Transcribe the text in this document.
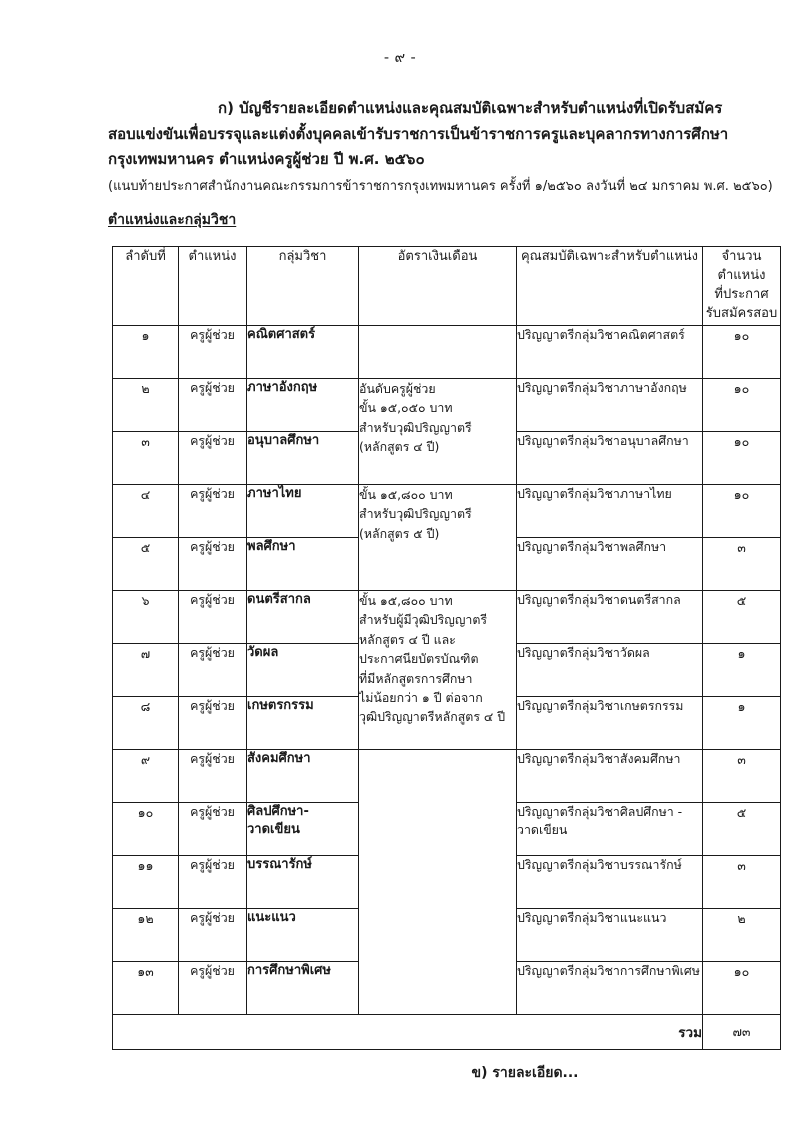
- ๙ -
ก) บัญชีรายละเอียดตำแหน่งและคุณสมบัติเฉพาะสำหรับตำแหน่งที่เปิดรับสมัคร
สอบแข่งขันเพื่อบรรจุและแต่งตั้งบุคคลเข้ารับราชการเป็นข้าราชการครูและบุคลากรทางการศึกษา
กรุงเทพมหานคร ตำแหน่งครูผู้ช่วย ปี พ.ศ. ๒๕๖๐
(แนบท้ายประกาศสำนักงานคณะกรรมการข้าราชการกรุงเทพมหานคร ครั้งที่ ๑/๒๕๖๐ ลงวันที่ ๒๔ มกราคม พ.ศ. ๒๕๖๐)
ตำแหน่งและกลุ่มวิชา
ลำดับที่	ตำแหน่ง	กลุ่มวิชา	อัตราเงินเดือน	คุณสมบัติเฉพาะสำหรับตำแหน่ง	จำนวนตำแหน่ง
ที่ประกาศ
รับสมัครสอบ

๑	ครูผู้ช่วย	คณิตศาสตร์		ปริญญาตรีกลุ่มวิชาคณิตศาสตร์	๑๐
๒	ครูผู้ช่วย	ภาษาอังกฤษ	อันดับครูผู้ช่วย
ขั้น ๑๕,๐๕๐ บาท
สำหรับวุฒิปริญญาตรี
(หลักสูตร ๔ ปี)	ปริญญาตรีกลุ่มวิชาภาษาอังกฤษ	๑๐
๓	ครูผู้ช่วย	อนุบาลศึกษา		ปริญญาตรีกลุ่มวิชาอนุบาลศึกษา	๑๐
๔	ครูผู้ช่วย	ภาษาไทย	ขั้น ๑๕,๘๐๐ บาท
สำหรับวุฒิปริญญาตรี
(หลักสูตร ๕ ปี)	ปริญญาตรีกลุ่มวิชาภาษาไทย	๑๐
๕	ครูผู้ช่วย	พลศึกษา		ปริญญาตรีกลุ่มวิชาพลศึกษา	๓
๖	ครูผู้ช่วย	ดนตรีสากล	ขั้น ๑๕,๘๐๐ บาท
สำหรับผู้มีวุฒิปริญญาตรี
หลักสูตร ๔ ปี และ
ประกาศนียบัตรบัณฑิต
ที่มีหลักสูตรการศึกษา
ไม่น้อยกว่า ๑ ปี ต่อจาก
วุฒิปริญญาตรีหลักสูตร ๔ ปี
	ปริญญาตรีกลุ่มวิชาดนตรีสากล	๕
๗	ครูผู้ช่วย	วัดผล		ปริญญาตรีกลุ่มวิชาวัดผล	๑
๘	ครูผู้ช่วย	เกษตรกรรม		ปริญญาตรีกลุ่มวิชาเกษตรกรรม	๑
๙	ครูผู้ช่วย	สังคมศึกษา		ปริญญาตรีกลุ่มวิชาสังคมศึกษา	๓
๑๐	ครูผู้ช่วย	ศิลปศึกษา-
วาดเขียน		ปริญญาตรีกลุ่มวิชาศิลปศึกษา -
วาดเขียน	๕
๑๑	ครูผู้ช่วย	บรรณารักษ์		ปริญญาตรีกลุ่มวิชาบรรณารักษ์	๓
๑๒	ครูผู้ช่วย	แนะแนว		ปริญญาตรีกลุ่มวิชาแนะแนว	๒
๑๓	ครูผู้ช่วย	การศึกษาพิเศษ		ปริญญาตรีกลุ่มวิชาการศึกษาพิเศษ	๑๐
รวม					๗๓
ข) รายละเอียด...
